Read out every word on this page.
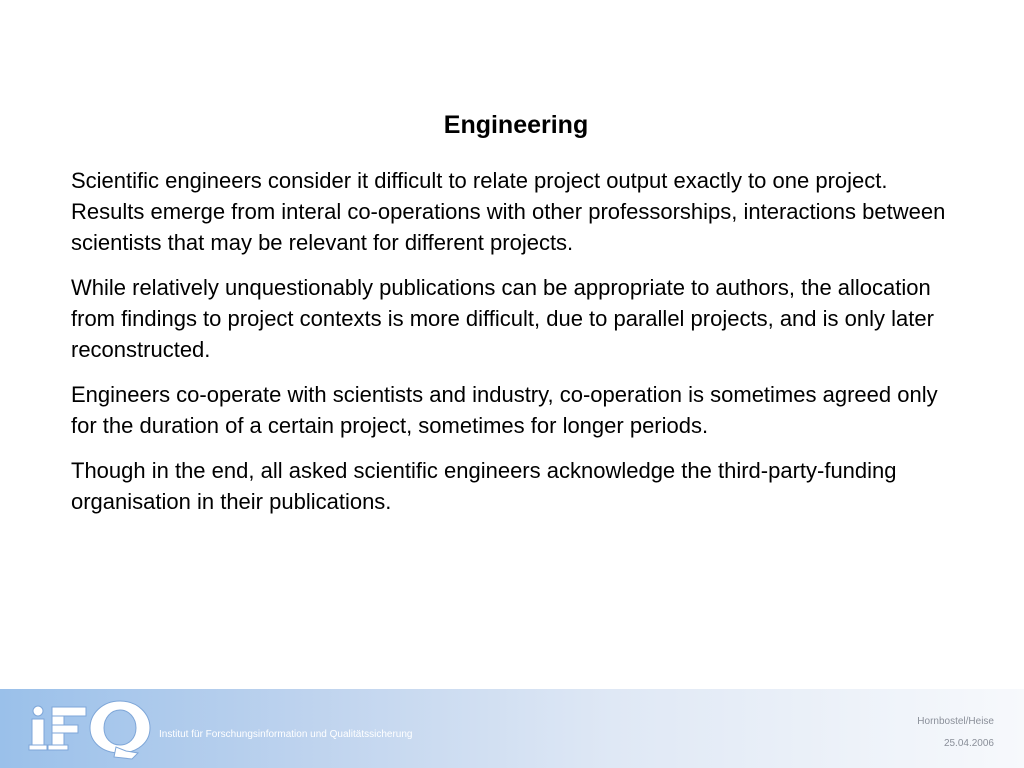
Engineering

Scientific engineers consider it difficult to relate project output exactly to one project. Results emerge from interal co-operations with other professorships, interactions between scientists that may be relevant for different projects.

While relatively unquestionably publications can be appropriate to authors, the allocation from findings to project contexts is more difficult, due to parallel projects, and is only later reconstructed.

Engineers co-operate with scientists and industry, co-operation is sometimes agreed only for the duration of a certain project, sometimes for longer periods.

Though in the end, all asked scientific engineers acknowledge the third-party-funding organisation in their publications.

Institut für Forschungsinformation und Qualitätssicherung
Hornbostel/Heise
25.04.2006
